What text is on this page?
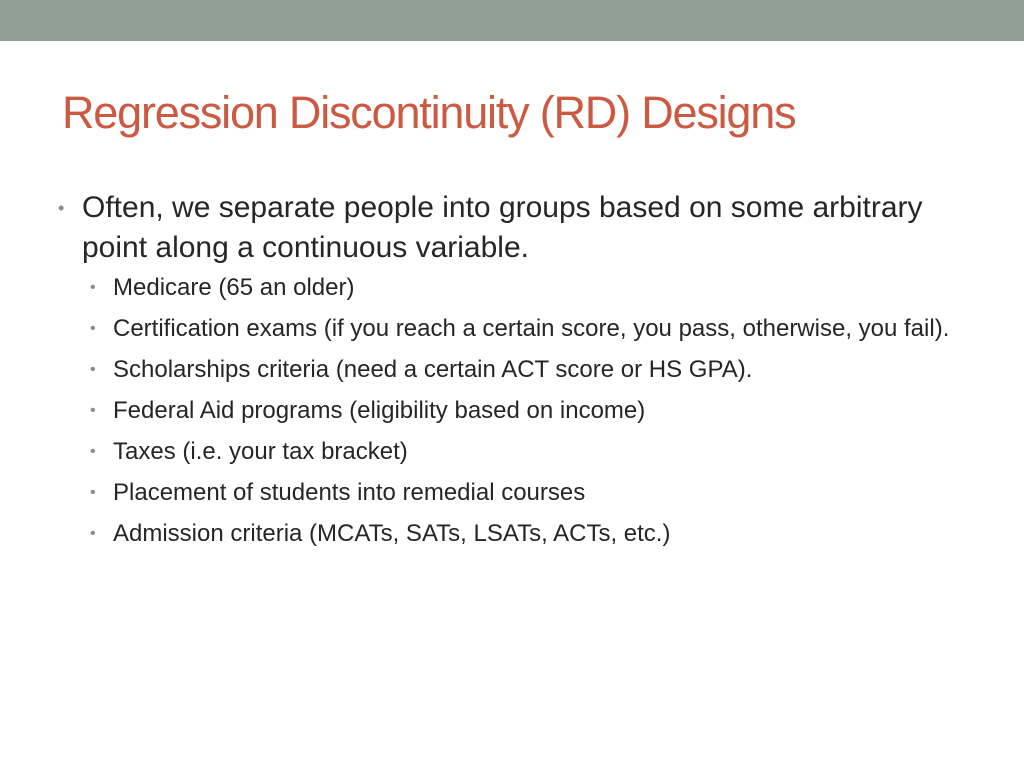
Regression Discontinuity (RD) Designs
• Often, we separate people into groups based on some arbitrary point along a continuous variable.
• Medicare (65 an older)
• Certification exams (if you reach a certain score, you pass, otherwise, you fail).
• Scholarships criteria (need a certain ACT score or HS GPA).
• Federal Aid programs (eligibility based on income)
• Taxes (i.e. your tax bracket)
• Placement of students into remedial courses
• Admission criteria (MCATs, SATs, LSATs, ACTs, etc.)
